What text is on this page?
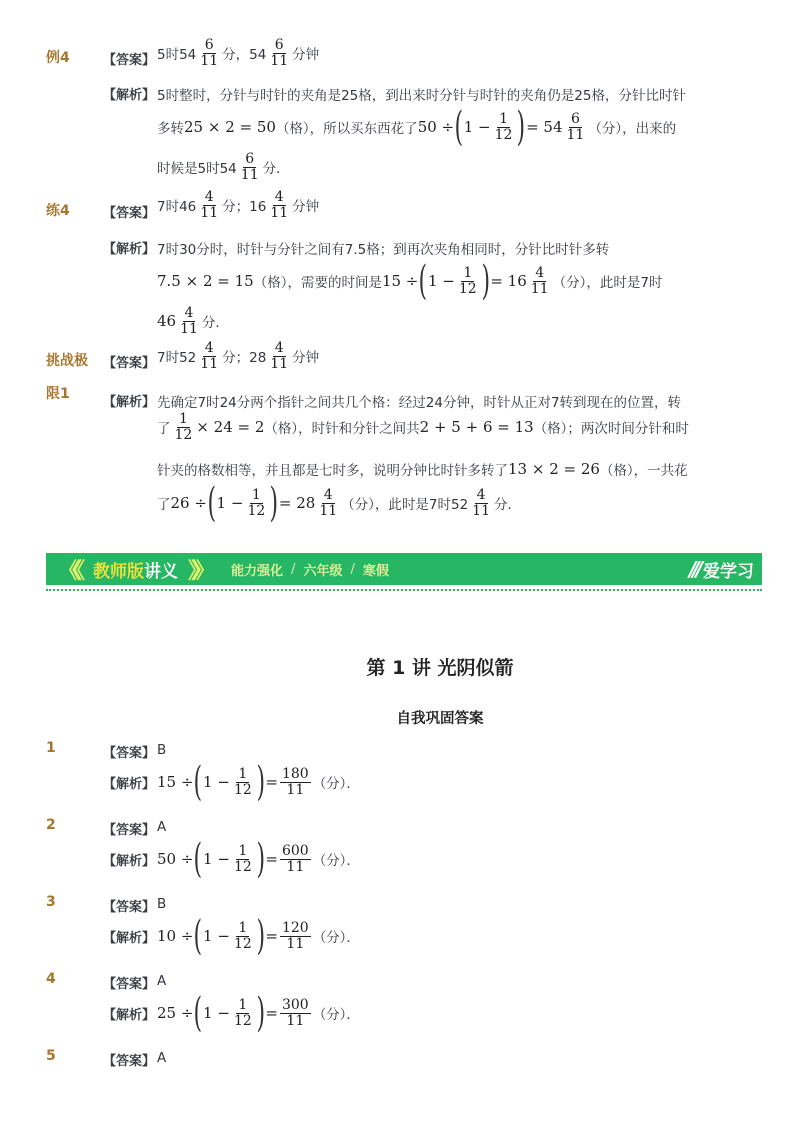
例4	【答案】 5时$54 \frac{6}{11}$ 分，$54 \frac{6}{11}$ 分钟
【解析】 5时整时，分针与时针的夹角是25格，到出来时分针与时针的夹角仍是25格，分针比时针
多转 25 × 2 = 50 （格），所以买东西花了 50 ÷ ( $1 - \frac{1}{12}$ ) = $54 \frac{6}{11}$ （分），出来的
时候是5时$54 \frac{6}{11}$ 分．
练4	【答案】 7时$46 \frac{4}{11}$ 分；$16 \frac{4}{11}$ 分钟
【解析】 7时30分时，时针与分针之间有7.5格；到再次夹角相同时，分针比时针多转
7.5 × 2 = 15 （格），需要的时间是 15 ÷ ( $1 - \frac{1}{12}$ ) = $16 \frac{4}{11}$ （分），此时是7时
$46 \frac{4}{11}$ 分．
挑战极
限1
【答案】 7时$52 \frac{4}{11}$ 分；$28 \frac{4}{11}$ 分钟
【解析】 先确定7时24分两个指针之间共几个格：经过24分钟，时针从正对7转到现在的位置，转
了 $\frac{1}{12} \times 24 = 2$ （格），时针和分针之间共 2 + 5 + 6 = 13 （格）；两次时间分针和时
针夹的格数相等，并且都是七时多，说明分钟比时针多转了 13 × 2 = 26 （格），一共花
了 26 ÷ ( $1 - \frac{1}{12}$ ) = $28 \frac{4}{11}$ （分），此时是7时$52 \frac{4}{11}$ 分．
《《 教师版 讲义 》》 能力强化 / 六年级 / 寒假	/// 爱学习
第 1 讲 光阴似箭
自我巩固答案
1	【答案】 B
【解析】 15 ÷ ( $1 - \frac{1}{12}$ ) = $\frac{180}{11}$ （分）．
2	【答案】 A
【解析】 50 ÷ ( $1 - \frac{1}{12}$ ) = $\frac{600}{11}$ （分）．
3	【答案】 B
【解析】 10 ÷ ( $1 - \frac{1}{12}$ ) = $\frac{120}{11}$ （分）．
4	【答案】 A
【解析】 25 ÷ ( $1 - \frac{1}{12}$ ) = $\frac{300}{11}$ （分）．
5	【答案】 A
